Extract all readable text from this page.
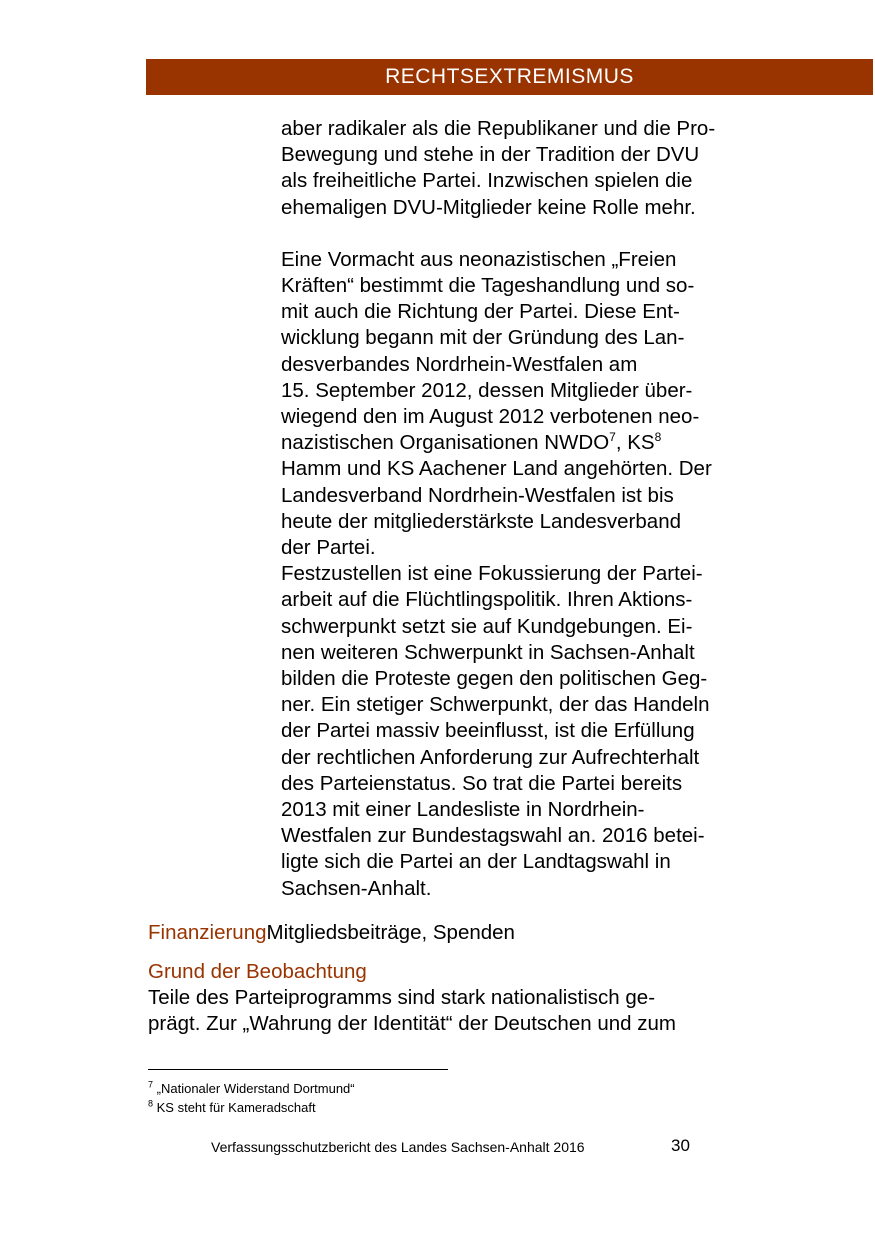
RECHTSEXTREMISMUS

aber radikaler als die Republikaner und die Pro-
Bewegung und stehe in der Tradition der DVU
als freiheitliche Partei. Inzwischen spielen die
ehemaligen DVU-Mitglieder keine Rolle mehr.

Eine Vormacht aus neonazistischen „Freien
Kräften“ bestimmt die Tageshandlung und so-
mit auch die Richtung der Partei. Diese Ent-
wicklung begann mit der Gründung des Lan-
desverbandes Nordrhein-Westfalen am
15. September 2012, dessen Mitglieder über-
wiegend den im August 2012 verbotenen neo-
nazistischen Organisationen NWDO$^7$, $KS^8$
Hamm und KS Aachener Land angehörten. Der
Landesverband Nordrhein-Westfalen ist bis
heute der mitgliederstärkste Landesverband
der Partei.

Festzustellen ist eine Fokussierung der Partei-
arbeit auf die Flüchtlingspolitik. Ihren Aktions-
schwerpunkt setzt sie auf Kundgebungen. Ei-
nen weiteren Schwerpunkt in Sachsen-Anhalt
bilden die Proteste gegen den politischen Geg-
ner. Ein stetiger Schwerpunkt, der das Handeln
der Partei massiv beeinflusst, ist die Erfüllung
der rechtlichen Anforderung zur Aufrechterhalt
des Parteienstatus. So trat die Partei bereits
2013 mit einer Landesliste in Nordrhein-
Westfalen zur Bundestagswahl an. 2016 betei-
ligte sich die Partei an der Landtagswahl in
Sachsen-Anhalt.

FinanzierungMitgliedsbeiträge, Spenden
Grund der Beobachtung

Teile des Parteiprogramms sind stark nationalistisch ge-
prägt. Zur „Wahrung der Identität“ der Deutschen und zum

$^7$ „Nationaler Widerstand Dortmund“
$^8$ KS steht für Kameradschaft
Verfassungsschutzbericht des Landes Sachsen-Anhalt 2016	30
